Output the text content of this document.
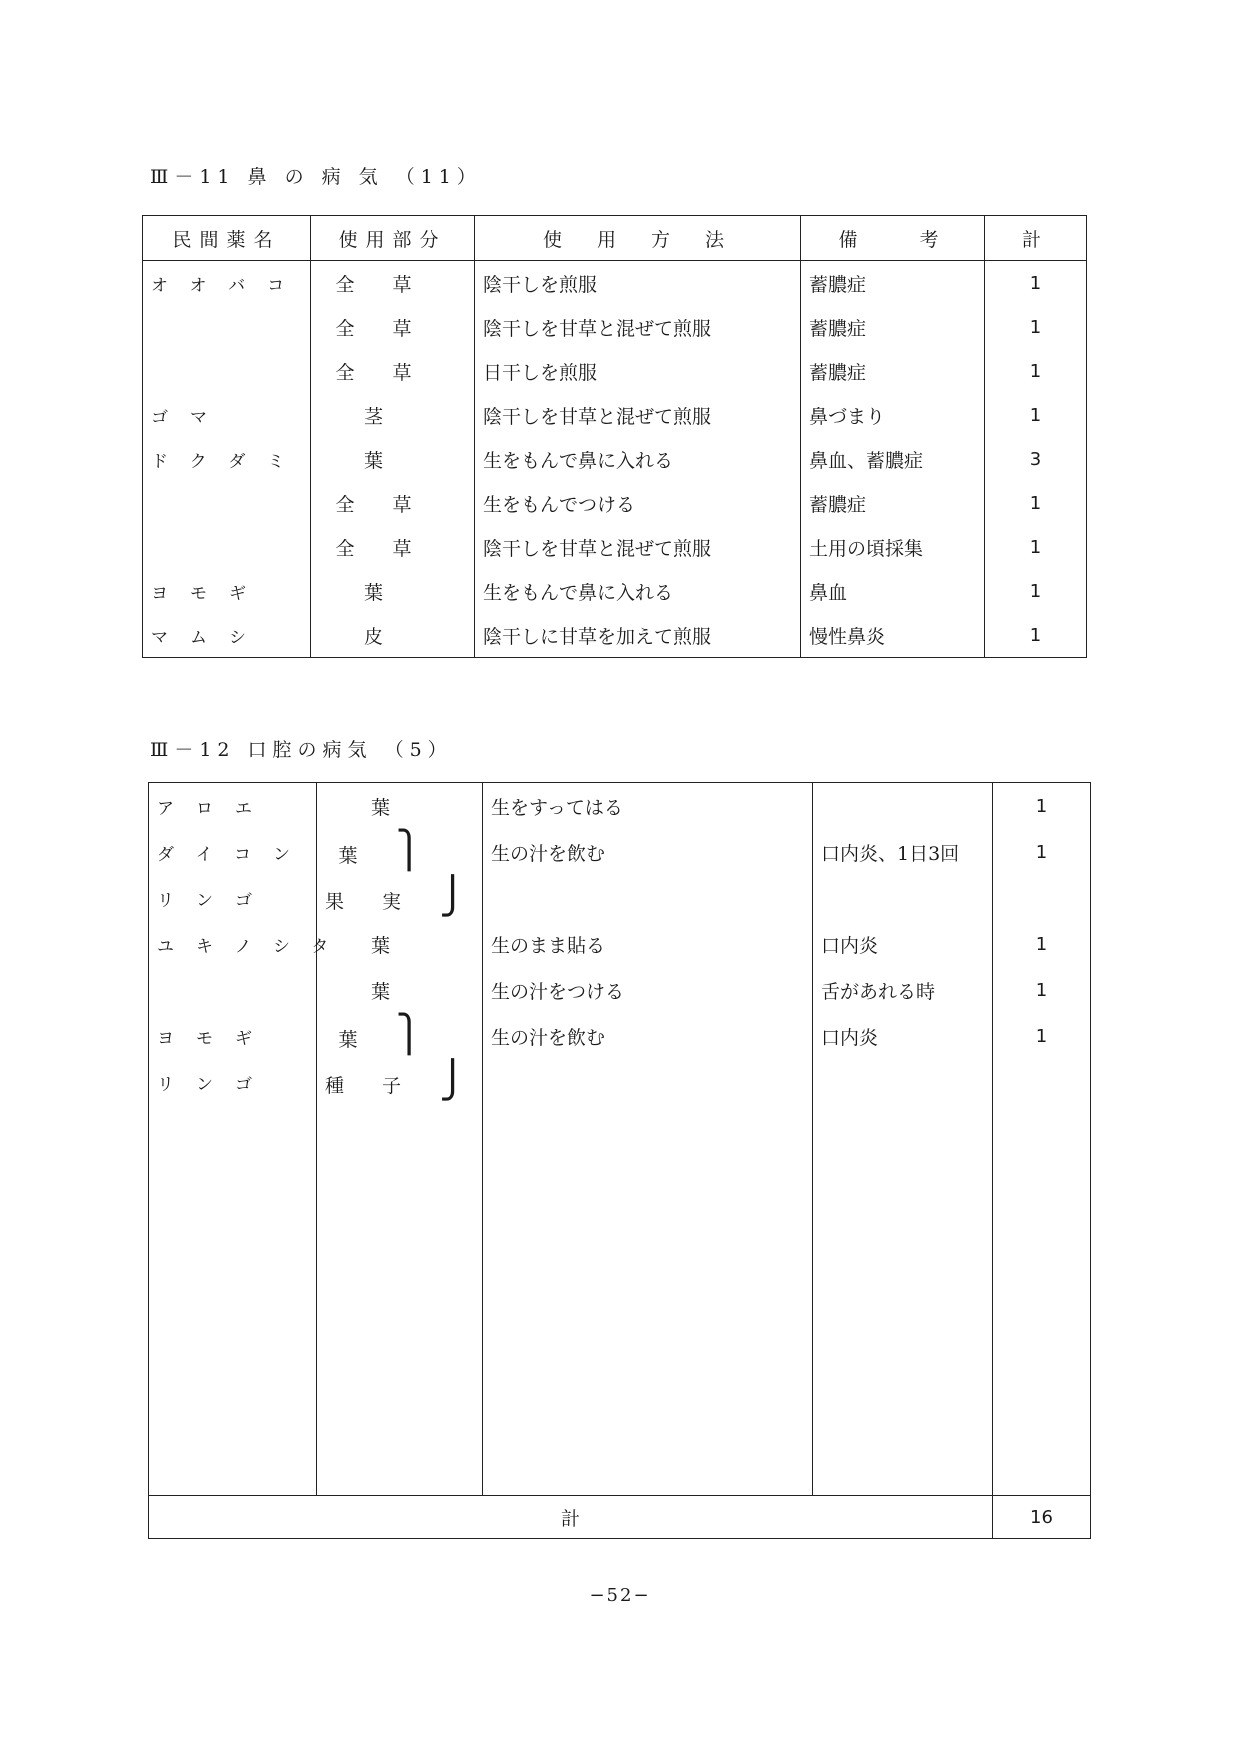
Ⅲ－11 鼻 の 病 気 （11）
民間薬名	使用部分	使　用　方　法	備　　考	計
オオバコ	全草	陰干しを煎服	蓄膿症	1
	全草	陰干しを甘草と混ぜて煎服	蓄膿症	1
	全草	日干しを煎服	蓄膿症	1
ゴマ	茎	陰干しを甘草と混ぜて煎服	鼻づまり	1
ドクダミ	葉	生をもんで鼻に入れる	鼻血、蓄膿症	3
	全草	生をもんでつける	蓄膿症	1
	全草	陰干しを甘草と混ぜて煎服	土用の頃採集	1
ヨモギ	葉	生をもんで鼻に入れる	鼻血	1
マムシ	皮	陰干しに甘草を加えて煎服	慢性鼻炎	1
Ⅲ－12 口腔の病気 （5）
アロエ	葉	生をすってはる		1
ダイコン	葉⎫	生の汁を飲む	口内炎、1日3回	1
リンゴ	果実⎭			
ユキノシタ	葉	生のまま貼る	口内炎	1
	葉	生の汁をつける	舌があれる時	1
ヨモギ	葉⎫	生の汁を飲む	口内炎	1
リンゴ	種子⎭			

計				16
−52−
